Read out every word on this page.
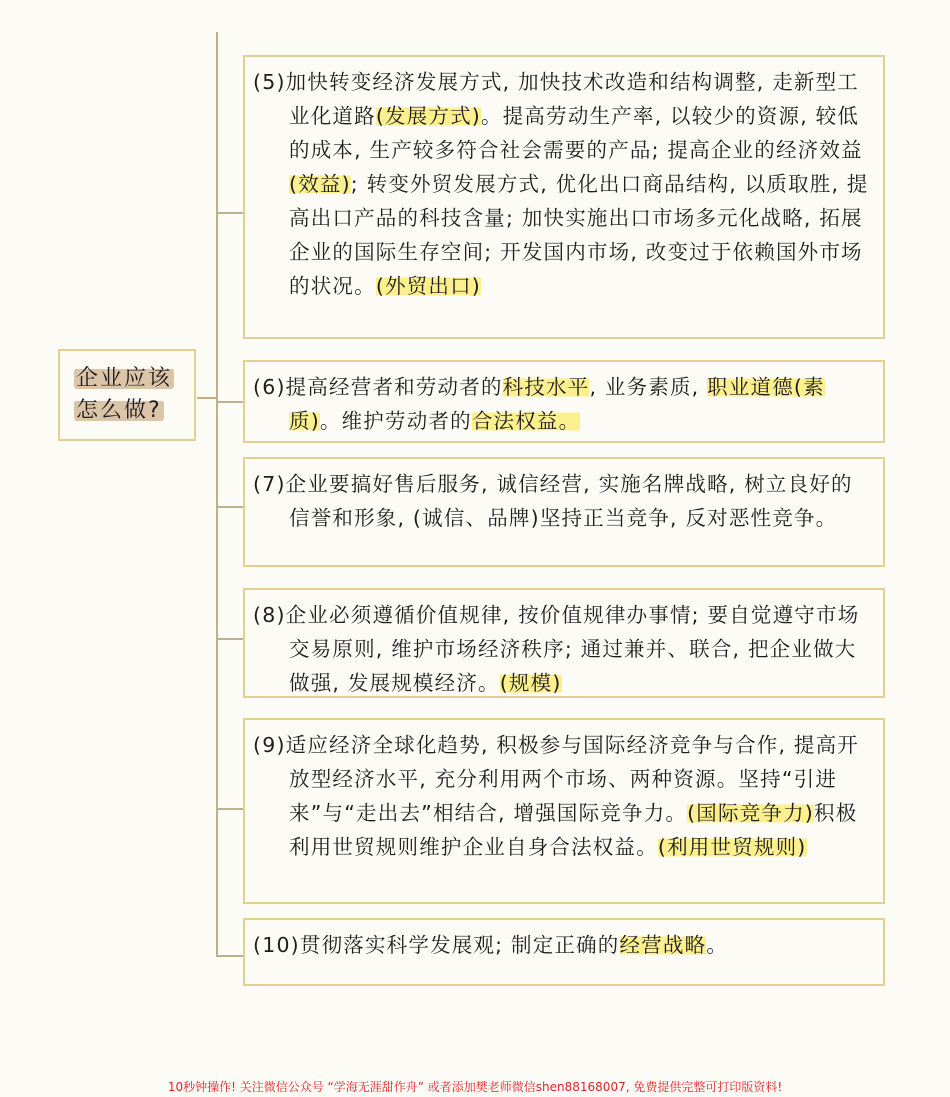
企业应该
怎么做?

(5)加快转变经济发展方式, 加快技术改造和结构调整, 走新型工业化道路(发展方式)。提高劳动生产率, 以较少的资源, 较低的成本, 生产较多符合社会需要的产品; 提高企业的经济效益(效益); 转变外贸发展方式, 优化出口商品结构, 以质取胜, 提高出口产品的科技含量; 加快实施出口市场多元化战略, 拓展企业的国际生存空间; 开发国内市场, 改变过于依赖国外市场的状况。(外贸出口)

(6)提高经营者和劳动者的科技水平, 业务素质, 职业道德(素质)。维护劳动者的合法权益。

(7)企业要搞好售后服务, 诚信经营, 实施名牌战略, 树立良好的信誉和形象, (诚信、品牌)坚持正当竞争, 反对恶性竞争。

(8)企业必须遵循价值规律, 按价值规律办事情; 要自觉遵守市场交易原则, 维护市场经济秩序; 通过兼并、联合, 把企业做大做强, 发展规模经济。(规模)

(9)适应经济全球化趋势, 积极参与国际经济竞争与合作, 提高开放型经济水平, 充分利用两个市场、两种资源。坚持“引进来”与“走出去”相结合, 增强国际竞争力。(国际竞争力)积极利用世贸规则维护企业自身合法权益。(利用世贸规则)

(10)贯彻落实科学发展观; 制定正确的经营战略。

10秒钟操作! 关注微信公众号 “学海无涯甜作舟” 或者添加樊老师微信shen88168007, 免费提供完整可打印版资料!
